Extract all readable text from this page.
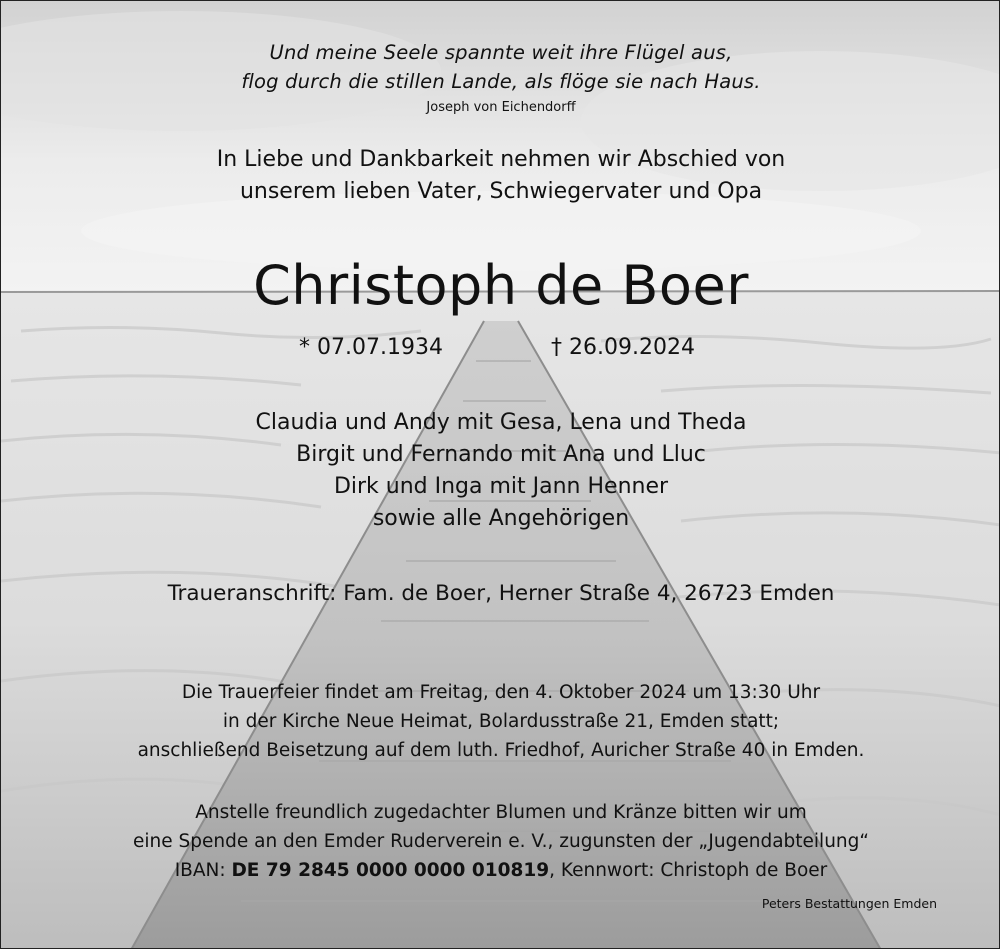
Und meine Seele spannte weit ihre Flügel aus,
flog durch die stillen Lande, als flöge sie nach Haus.
Joseph von Eichendorff
In Liebe und Dankbarkeit nehmen wir Abschied von
unserem lieben Vater, Schwiegervater und Opa
Christoph de Boer
* 07.07.1934	† 26.09.2024
Claudia und Andy mit Gesa, Lena und Theda
Birgit und Fernando mit Ana und Lluc
Dirk und Inga mit Jann Henner
sowie alle Angehörigen
Traueranschrift: Fam. de Boer, Herner Straße 4, 26723 Emden
Die Trauerfeier findet am Freitag, den 4. Oktober 2024 um 13:30 Uhr
in der Kirche Neue Heimat, Bolardusstraße 21, Emden statt;
anschließend Beisetzung auf dem luth. Friedhof, Auricher Straße 40 in Emden.
Anstelle freundlich zugedachter Blumen und Kränze bitten wir um
eine Spende an den Emder Ruderverein e. V., zugunsten der „Jugendabteilung“
IBAN: DE 79 2845 0000 0000 010819, Kennwort: Christoph de Boer
Peters Bestattungen Emden
